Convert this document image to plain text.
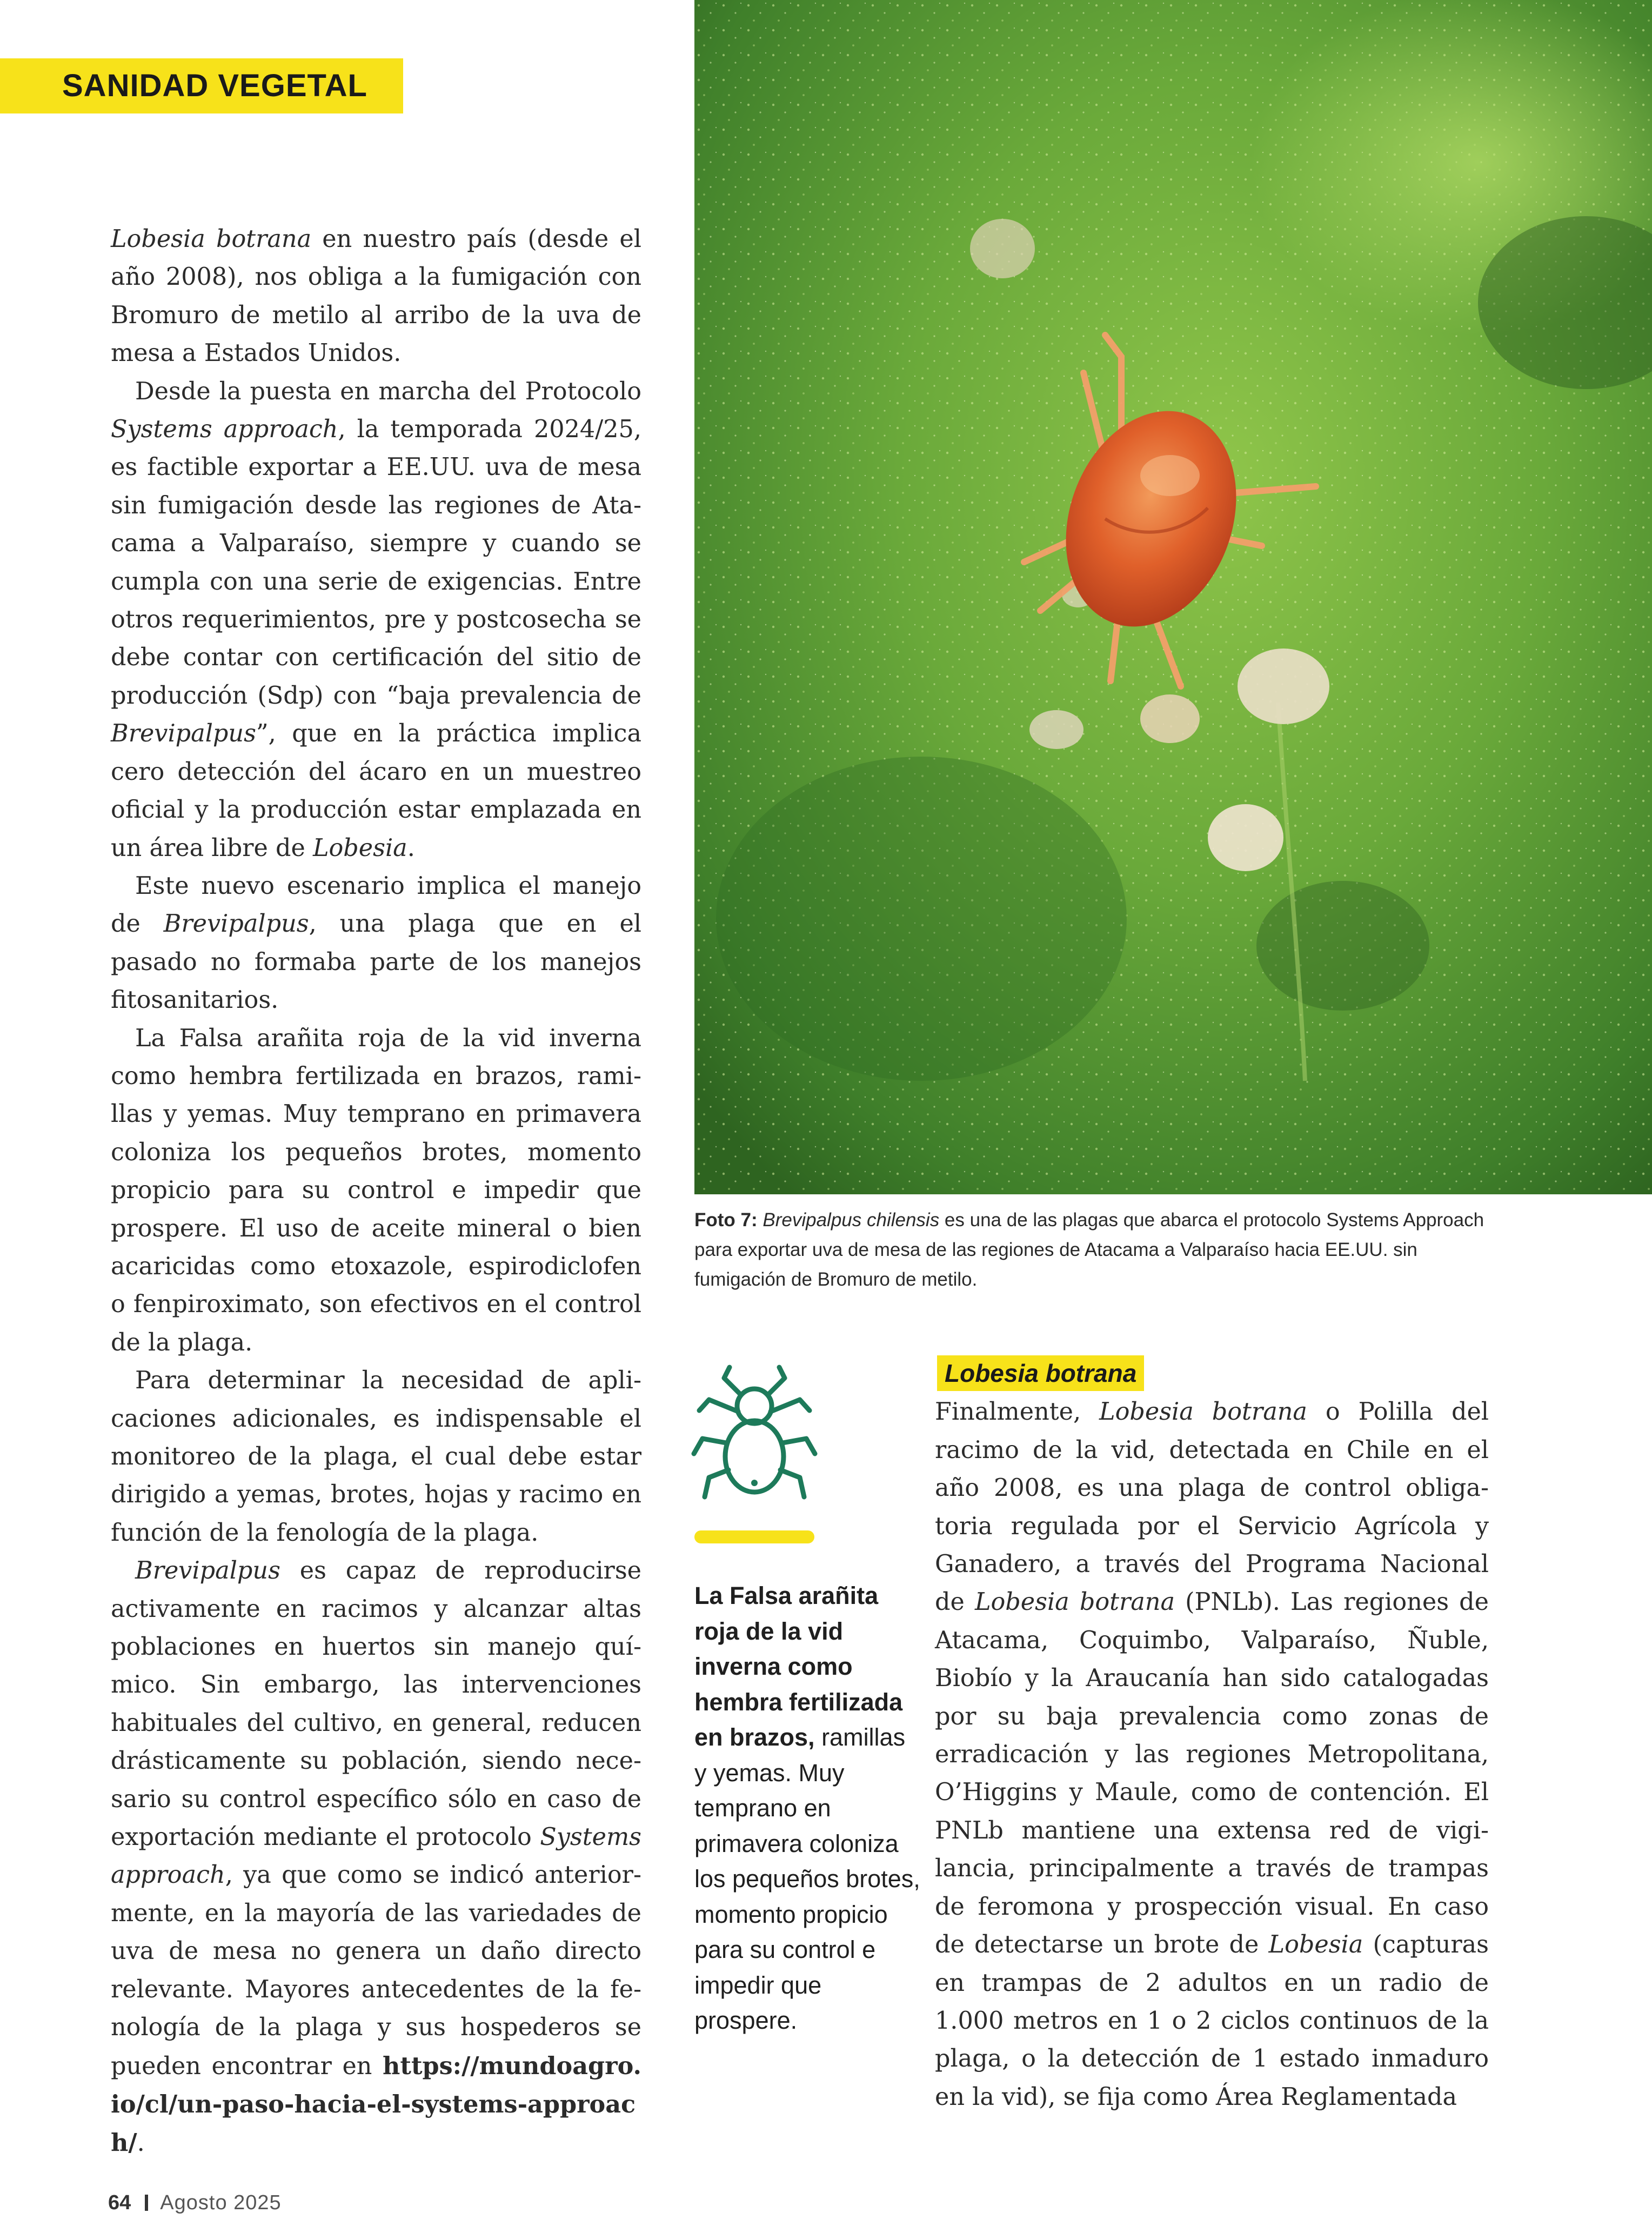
SANIDAD VEGETAL

Lobesia botrana en nuestro país (desde el año 2008), nos obliga a la fumigación con Bromuro de metilo al arribo de la uva de mesa a Estados Unidos.

Desde la puesta en marcha del Protocolo Systems approach, la temporada 2024/25, es factible exportar a EE.UU. uva de mesa sin fumigación desde las regiones de Atacama a Valparaíso, siempre y cuando se cumpla con una serie de exigencias. Entre otros requerimientos, pre y postcosecha se debe contar con certificación del sitio de producción (Sdp) con “baja prevalencia de Brevipalpus”, que en la práctica implica cero detección del ácaro en un muestreo oficial y la producción estar emplazada en un área libre de Lobesia.

Este nuevo escenario implica el manejo de Brevipalpus, una plaga que en el pasado no formaba parte de los manejos fitosanitarios.

La Falsa arañita roja de la vid inverna como hembra fertilizada en brazos, ramillas y yemas. Muy temprano en primavera coloniza los pequeños brotes, momento propicio para su control e impedir que prospere. El uso de aceite mineral o bien acaricidas como etoxazole, espirodiclofen o fenpiroximato, son efectivos en el control de la plaga.

Para determinar la necesidad de aplicaciones adicionales, es indispensable el monitoreo de la plaga, el cual debe estar dirigido a yemas, brotes, hojas y racimo en función de la fenología de la plaga.

Brevipalpus es capaz de reproducirse activamente en racimos y alcanzar altas poblaciones en huertos sin manejo químico. Sin embargo, las intervenciones habituales del cultivo, en general, reducen drásticamente su población, siendo necesario su control específico sólo en caso de exportación mediante el protocolo Systems approach, ya que como se indicó anteriormente, en la mayoría de las variedades de uva de mesa no genera un daño directo relevante. Mayores antecedentes de la fenología de la plaga y sus hospederos se pueden encontrar en https://mundoagro.io/cl/un-paso-hacia-el-systems-approach/.

Foto 7: Brevipalpus chilensis es una de las plagas que abarca el protocolo Systems Approach para exportar uva de mesa de las regiones de Atacama a Valparaíso hacia EE.UU. sin fumigación de Bromuro de metilo.
La Falsa arañita roja de la vid inverna como hembra fertilizada en brazos, ramillas y yemas. Muy temprano en primavera coloniza los pequeños brotes, momento propicio para su control e impedir que prospere.
Lobesia botrana

Finalmente, Lobesia botrana o Polilla del racimo de la vid, detectada en Chile en el año 2008, es una plaga de control obligatoria regulada por el Servicio Agrícola y Ganadero, a través del Programa Nacional de Lobesia botrana (PNLb). Las regiones de Atacama, Coquimbo, Valparaíso, Ñuble, Biobío y la Araucanía han sido catalogadas por su baja prevalencia como zonas de erradicación y las regiones Metropolitana, O’Higgins y Maule, como de contención. El PNLb mantiene una extensa red de vigilancia, principalmente a través de trampas de feromona y prospección visual. En caso de detectarse un brote de Lobesia (capturas en trampas de 2 adultos en un radio de 1.000 metros en 1 o 2 ciclos continuos de la plaga, o la detección de 1 estado inmaduro en la vid), se fija como Área Reglamentada

64 Agosto 2025
